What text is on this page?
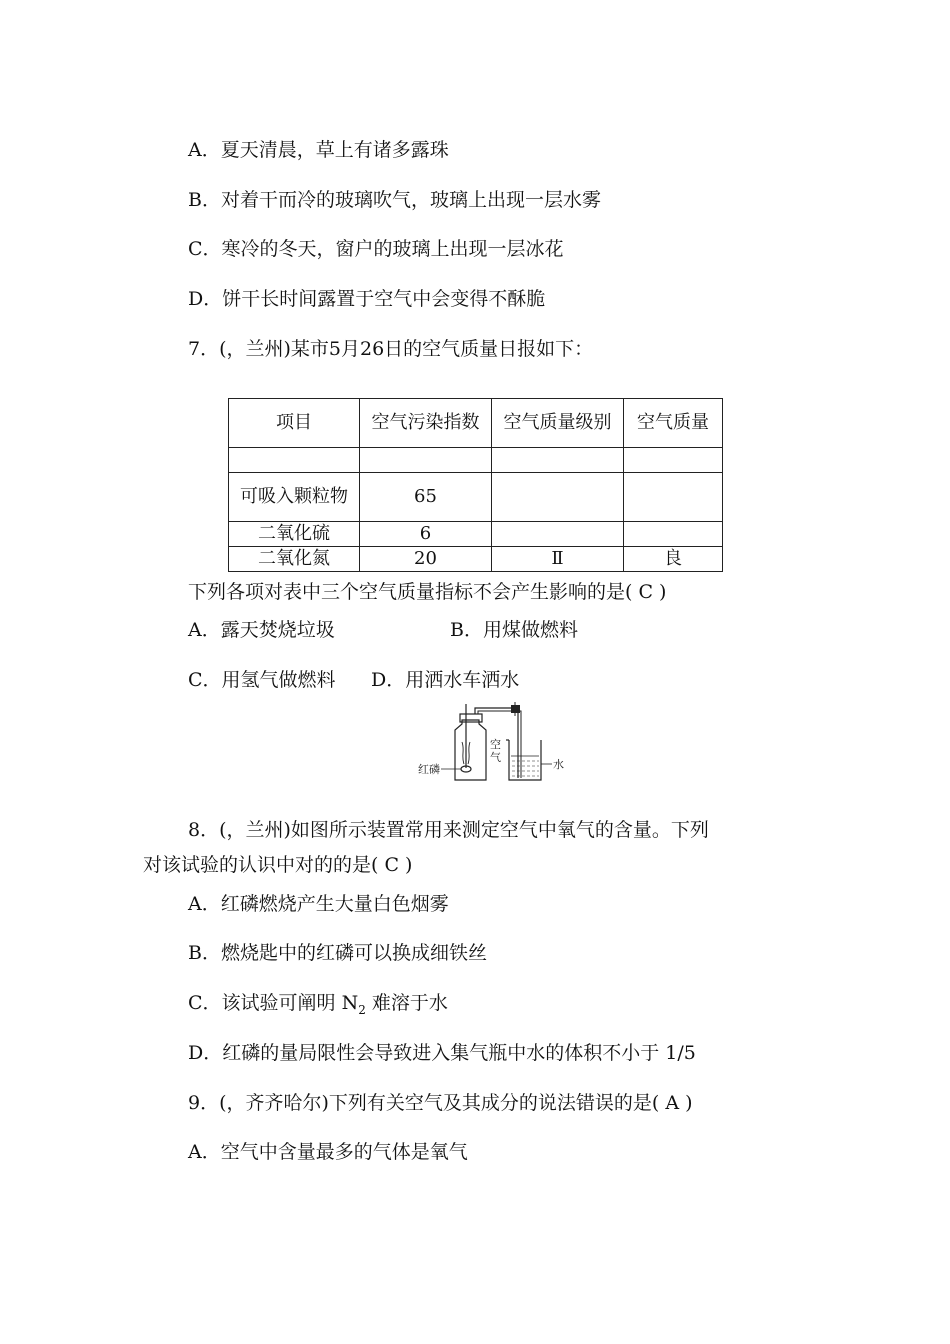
A．夏天清晨，草上有诸多露珠
B．对着干而冷的玻璃吹气，玻璃上出现一层水雾
C．寒冷的冬天，窗户的玻璃上出现一层冰花
D．饼干长时间露置于空气中会变得不酥脆
7．(，兰州)某市5月26日的空气质量日报如下：
项目	空气污染指数	空气质量级别	空气质量

可吸入颗粒物	65		
二氧化硫	6		
二氧化氮	20	Ⅱ	良
下列各项对表中三个空气质量指标不会产生影响的是( C )
A．露天焚烧垃圾	B．用煤做燃料
C．用氢气做燃料 D．用洒水车洒水
红磷
空
气
水
8．(，兰州)如图所示装置常用来测定空气中氧气的含量。下列
对该试验的认识中对的的是( C )
A．红磷燃烧产生大量白色烟雾
B．燃烧匙中的红磷可以换成细铁丝
C．该试验可阐明 $N_2$ 难溶于水
D．红磷的量局限性会导致进入集气瓶中水的体积不小于 1/5
9．(，齐齐哈尔)下列有关空气及其成分的说法错误的是( A )
A．空气中含量最多的气体是氧气
